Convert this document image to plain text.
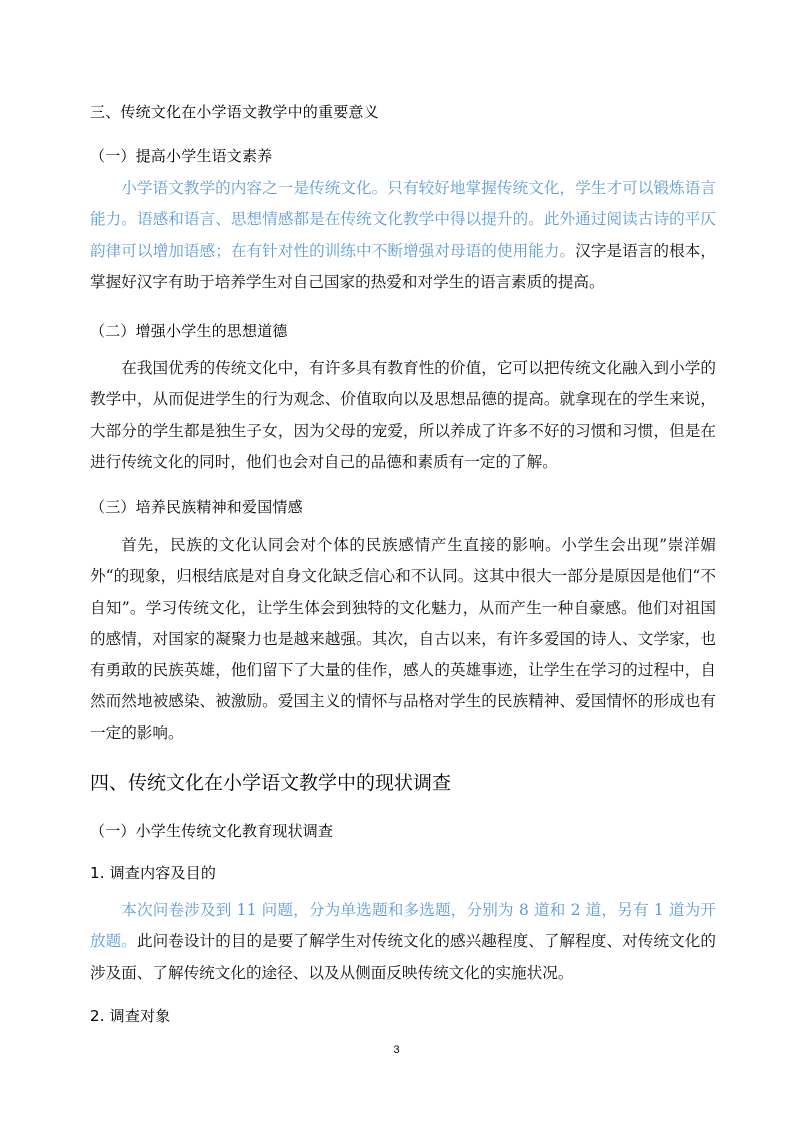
三、传统文化在小学语文教学中的重要意义
（一）提高小学生语文素养

小学语文教学的内容之一是传统文化。只有较好地掌握传统文化，学生才可以锻炼语言能力。语感和语言、思想情感都是在传统文化教学中得以提升的。此外通过阅读古诗的平仄韵律可以增加语感；在有针对性的训练中不断增强对母语的使用能力。汉字是语言的根本，掌握好汉字有助于培养学生对自己国家的热爱和对学生的语言素质的提高。

（二）增强小学生的思想道德

在我国优秀的传统文化中，有许多具有教育性的价值，它可以把传统文化融入到小学的教学中，从而促进学生的行为观念、价值取向以及思想品德的提高。就拿现在的学生来说，大部分的学生都是独生子女，因为父母的宠爱，所以养成了许多不好的习惯和习惯，但是在进行传统文化的同时，他们也会对自己的品德和素质有一定的了解。

（三）培养民族精神和爱国情感

首先，民族的文化认同会对个体的民族感情产生直接的影响。小学生会出现”崇洋媚外“的现象，归根结底是对自身文化缺乏信心和不认同。这其中很大一部分是原因是他们“不自知”。学习传统文化，让学生体会到独特的文化魅力，从而产生一种自豪感。他们对祖国的感情，对国家的凝聚力也是越来越强。其次，自古以来，有许多爱国的诗人、文学家，也有勇敢的民族英雄，他们留下了大量的佳作，感人的英雄事迹，让学生在学习的过程中，自然而然地被感染、被激励。爱国主义的情怀与品格对学生的民族精神、爱国情怀的形成也有一定的影响。

四、传统文化在小学语文教学中的现状调查
（一）小学生传统文化教育现状调查
1. 调查内容及目的

本次问卷涉及到 11 问题，分为单选题和多选题，分别为 8 道和 2 道，另有 1 道为开放题。此问卷设计的目的是要了解学生对传统文化的感兴趣程度、了解程度、对传统文化的涉及面、了解传统文化的途径、以及从侧面反映传统文化的实施状况。

2. 调查对象
3
